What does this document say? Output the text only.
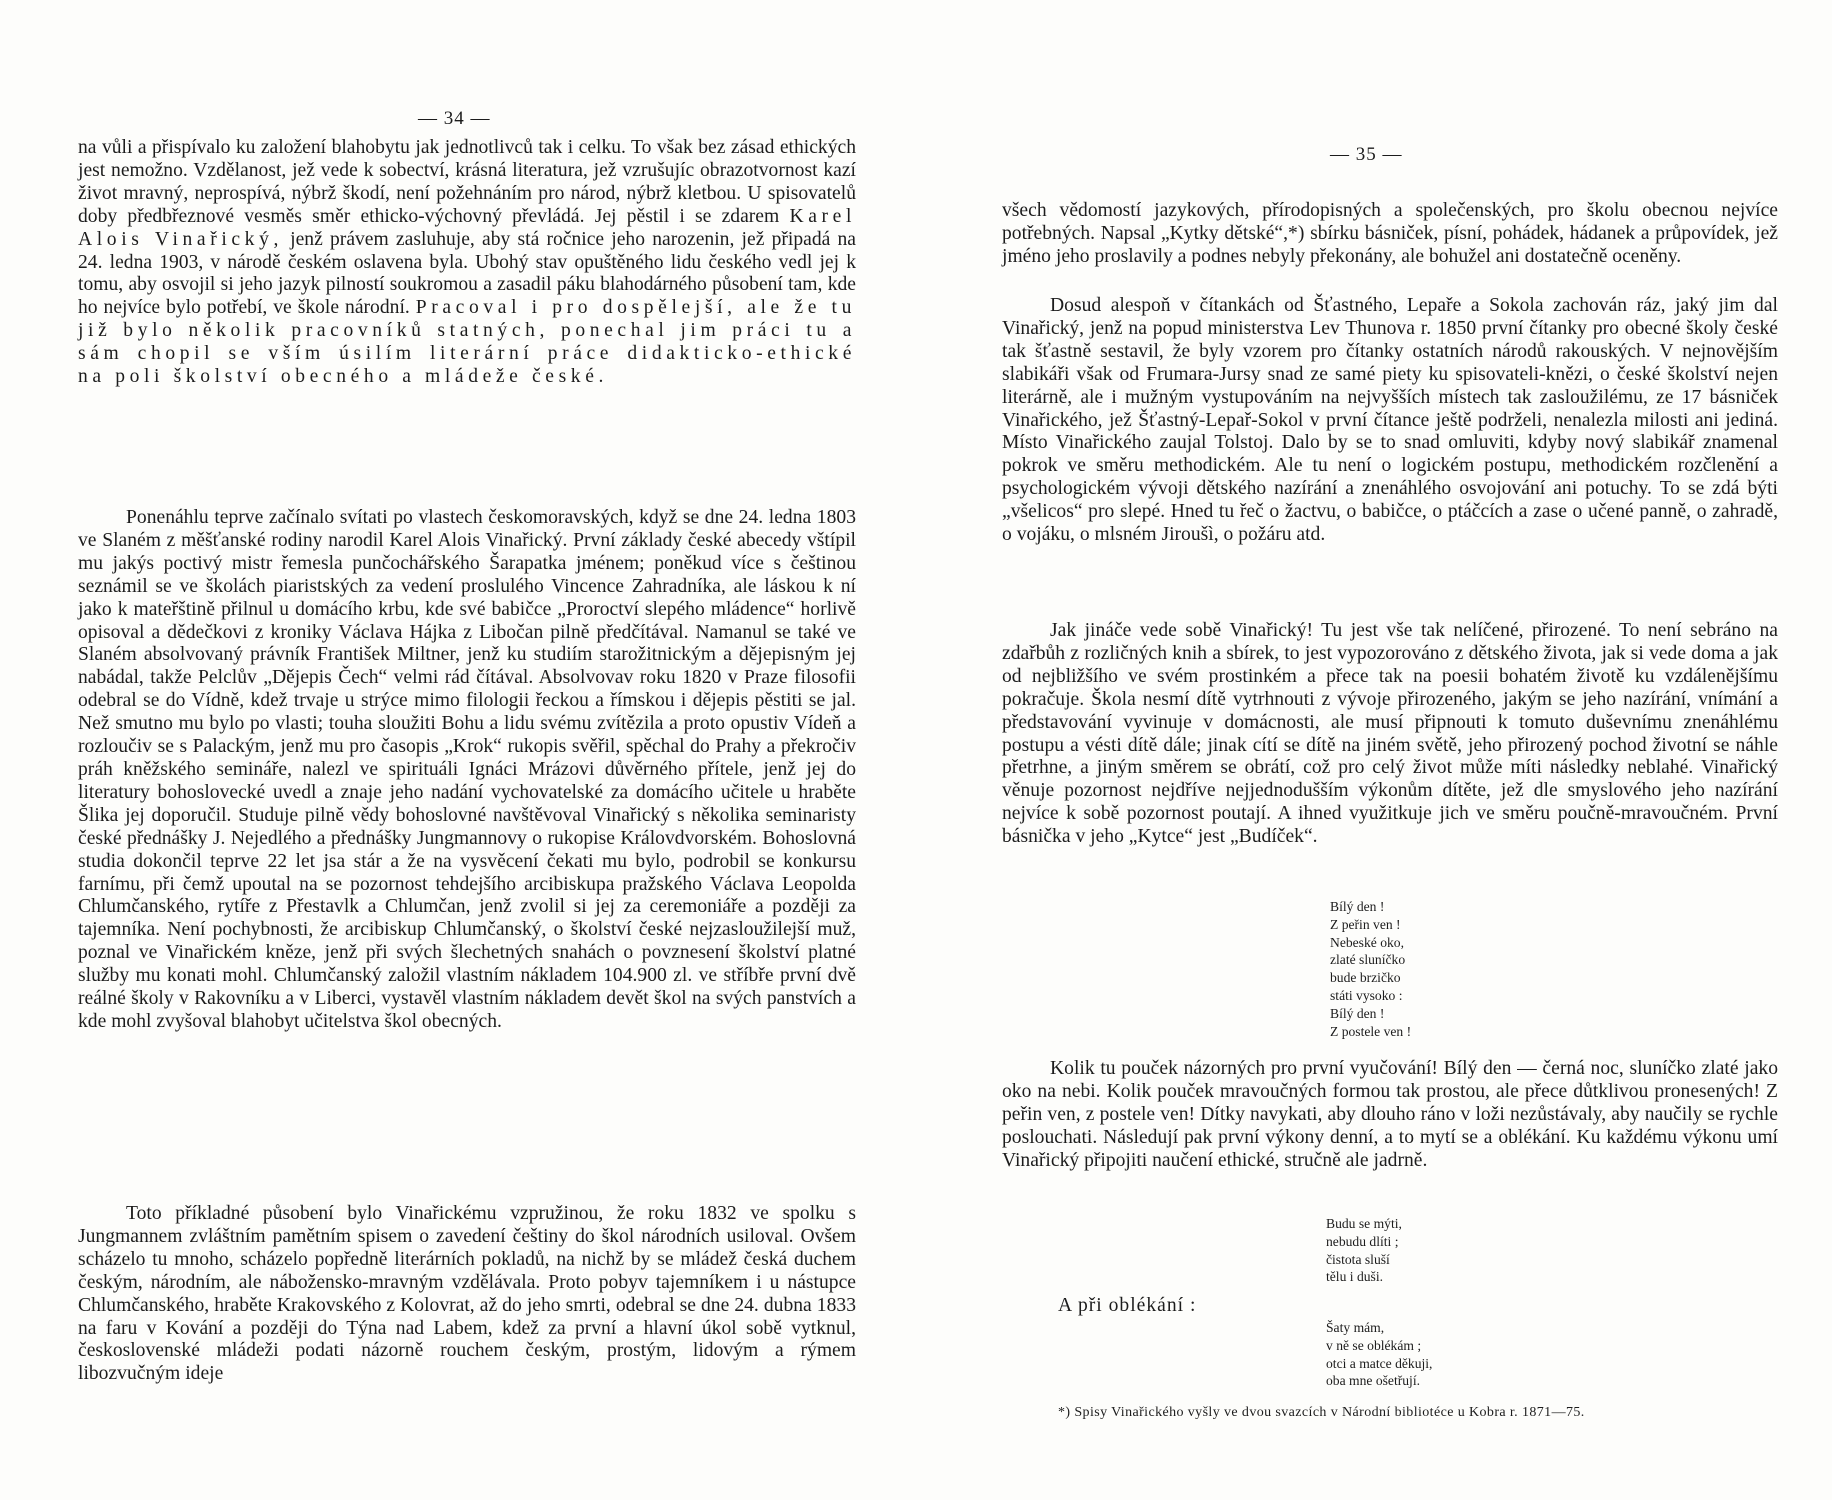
— 34 —

na vůli a přispívalo ku založení blahobytu jak jednotlivců tak i celku. To však bez zásad ethických jest nemožno. Vzdělanost, jež vede k sobectví, krásná literatura, jež vzrušujíc obrazotvornost kazí život mravný, neprospívá, nýbrž škodí, není požehnáním pro národ, nýbrž kletbou. U spisovatelů doby předbřeznové vesměs směr ethicko-výchovný převládá. Jej pěstil i se zdarem Karel Alois Vinařický, jenž právem zasluhuje, aby stá ročnice jeho narozenin, jež připadá na 24. ledna 1903, v národě českém oslavena byla. Ubohý stav opuštěného lidu českého vedl jej k tomu, aby osvojil si jeho jazyk pilností soukromou a zasadil páku blahodárného působení tam, kde ho nejvíce bylo potřebí, ve škole národní. Pracoval i pro dospělejší, ale že tu již bylo několik pracovníků statných, ponechal jim práci tu a sám chopil se vším úsilím literární práce didakticko-ethické na poli školství obecného a mládeže české.

Ponenáhlu teprve začínalo svítati po vlastech českomoravských, když se dne 24. ledna 1803 ve Slaném z měšťanské rodiny narodil Karel Alois Vinařický. První základy české abecedy vštípil mu jakýs poctivý mistr řemesla punčochářského Šarapatka jménem; poněkud více s češtinou seznámil se ve školách piaristských za vedení proslulého Vincence Zahradníka, ale láskou k ní jako k mateřštině přilnul u domácího krbu, kde své babičce „Proroctví slepého mládence“ horlivě opisoval a dědečkovi z kroniky Václava Hájka z Libočan pilně předčítával. Namanul se také ve Slaném absolvovaný právník František Miltner, jenž ku studiím starožitnickým a dějepisným jej nabádal, takže Pelclův „Dějepis Čech“ velmi rád čítával. Absolvovav roku 1820 v Praze filosofii odebral se do Vídně, kdež trvaje u strýce mimo filologii řeckou a římskou i dějepis pěstiti se jal. Než smutno mu bylo po vlasti; touha sloužiti Bohu a lidu svému zvítězila a proto opustiv Vídeň a rozloučiv se s Palackým, jenž mu pro časopis „Krok“ rukopis svěřil, spěchal do Prahy a překročiv práh kněžského semináře, nalezl ve spirituáli Ignáci Mrázovi důvěrného přítele, jenž jej do literatury bohoslovecké uvedl a znaje jeho nadání vychovatelské za domácího učitele u hraběte Šlika jej doporučil. Studuje pilně vědy bohoslovné navštěvoval Vinařický s několika seminaristy české přednášky J. Nejedlého a přednášky Jungmannovy o rukopise Královdvorském. Bohoslovná studia dokončil teprve 22 let jsa stár a že na vysvěcení čekati mu bylo, podrobil se konkursu farnímu, při čemž upoutal na se pozornost tehdejšího arcibiskupa pražského Václava Leopolda Chlumčanského, rytíře z Přestavlk a Chlumčan, jenž zvolil si jej za ceremoniáře a později za tajemníka. Není pochybnosti, že arcibiskup Chlumčanský, o školství české nejzasloužilejší muž, poznal ve Vinařickém kněze, jenž při svých šlechetných snahách o povznesení školství platné služby mu konati mohl. Chlumčanský založil vlastním nákladem 104.900 zl. ve stříbře první dvě reálné školy v Rakovníku a v Liberci, vystavěl vlastním nákladem devět škol na svých panstvích a kde mohl zvyšoval blahobyt učitelstva škol obecných.

Toto příkladné působení bylo Vinařickému vzpružinou, že roku 1832 ve spolku s Jungmannem zvláštním pamětním spisem o zavedení češtiny do škol národních usiloval. Ovšem scházelo tu mnoho, scházelo popředně literárních pokladů, na nichž by se mládež česká duchem českým, národním, ale nábožensko-mravným vzdělávala. Proto pobyv tajemníkem i u nástupce Chlumčanského, hraběte Krakovského z Kolovrat, až do jeho smrti, odebral se dne 24. dubna 1833 na faru v Kování a později do Týna nad Labem, kdež za první a hlavní úkol sobě vytknul, československé mládeži podati názorně rouchem českým, prostým, lidovým a rýmem libozvučným ideje

— 35 —

všech vědomostí jazykových, přírodopisných a společenských, pro školu obecnou nejvíce potřebných. Napsal „Kytky dětské“,*) sbírku básniček, písní, pohádek, hádanek a průpovídek, jež jméno jeho proslavily a podnes nebyly překonány, ale bohužel ani dostatečně oceněny.

Dosud alespoň v čítankách od Šťastného, Lepaře a Sokola zachován ráz, jaký jim dal Vinařický, jenž na popud ministerstva Lev Thunova r. 1850 první čítanky pro obecné školy české tak šťastně sestavil, že byly vzorem pro čítanky ostatních národů rakouských. V nejnovějším slabikáři však od Frumara-Jursy snad ze samé piety ku spisovateli-knězi, o české školství nejen literárně, ale i mužným vystupováním na nejvyšších místech tak zasloužilému, ze 17 básniček Vinařického, jež Šťastný-Lepař-Sokol v první čítance ještě podrželi, nenalezla milosti ani jediná. Místo Vinařického zaujal Tolstoj. Dalo by se to snad omluviti, kdyby nový slabikář znamenal pokrok ve směru methodickém. Ale tu není o logickém postupu, methodickém rozčlenění a psychologickém vývoji dětského nazírání a znenáhlého osvojování ani potuchy. To se zdá býti „všelicos“ pro slepé. Hned tu řeč o žactvu, o babičce, o ptáčcích a zase o učené panně, o zahradě, o vojáku, o mlsném Jiroušì, o požáru atd.

Jak jináče vede sobě Vinařický! Tu jest vše tak nelíčené, přirozené. To není sebráno na zdařbůh z rozličných knih a sbírek, to jest vypozorováno z dětského života, jak si vede doma a jak od nejbližšího ve svém prostinkém a přece tak na poesii bohatém životě ku vzdálenějšímu pokračuje. Škola nesmí dítě vytrhnouti z vývoje přirozeného, jakým se jeho nazírání, vnímání a představování vyvinuje v domácnosti, ale musí připnouti k tomuto duševnímu znenáhlému postupu a vésti dítě dále; jinak cítí se dítě na jiném světě, jeho přirozený pochod životní se náhle přetrhne, a jiným směrem se obrátí, což pro celý život může míti následky neblahé. Vinařický věnuje pozornost nejdříve nejjednodušším výkonům dítěte, jež dle smyslového jeho nazírání nejvíce k sobě pozornost poutají. A ihned využitkuje jich ve směru poučně-mravoučném. První básnička v jeho „Kytce“ jest „Budíček“.

Bílý den !
Z peřin ven !
Nebeské oko,
zlaté sluníčko
bude brzičko
státi vysoko :
Bílý den !
Z postele ven !

Kolik tu pouček názorných pro první vyučování! Bílý den — černá noc, sluníčko zlaté jako oko na nebi. Kolik pouček mravoučných formou tak prostou, ale přece důtklivou pronesených! Z peřin ven, z postele ven! Dítky navykati, aby dlouho ráno v loži nezůstávaly, aby naučily se rychle poslouchati. Následují pak první výkony denní, a to mytí se a oblékání. Ku každému výkonu umí Vinařický připojiti naučení ethické, stručně ale jadrně.

Budu se mýti,
nebudu dlíti ;
čistota sluší
tělu i duši.
A při oblékání :
Šaty mám,
v ně se oblékám ;
otci a matce děkuji,
oba mne ošetřují.
*) Spisy Vinařického vyšly ve dvou svazcích v Národní bibliotéce u Kobra r. 1871—75.
